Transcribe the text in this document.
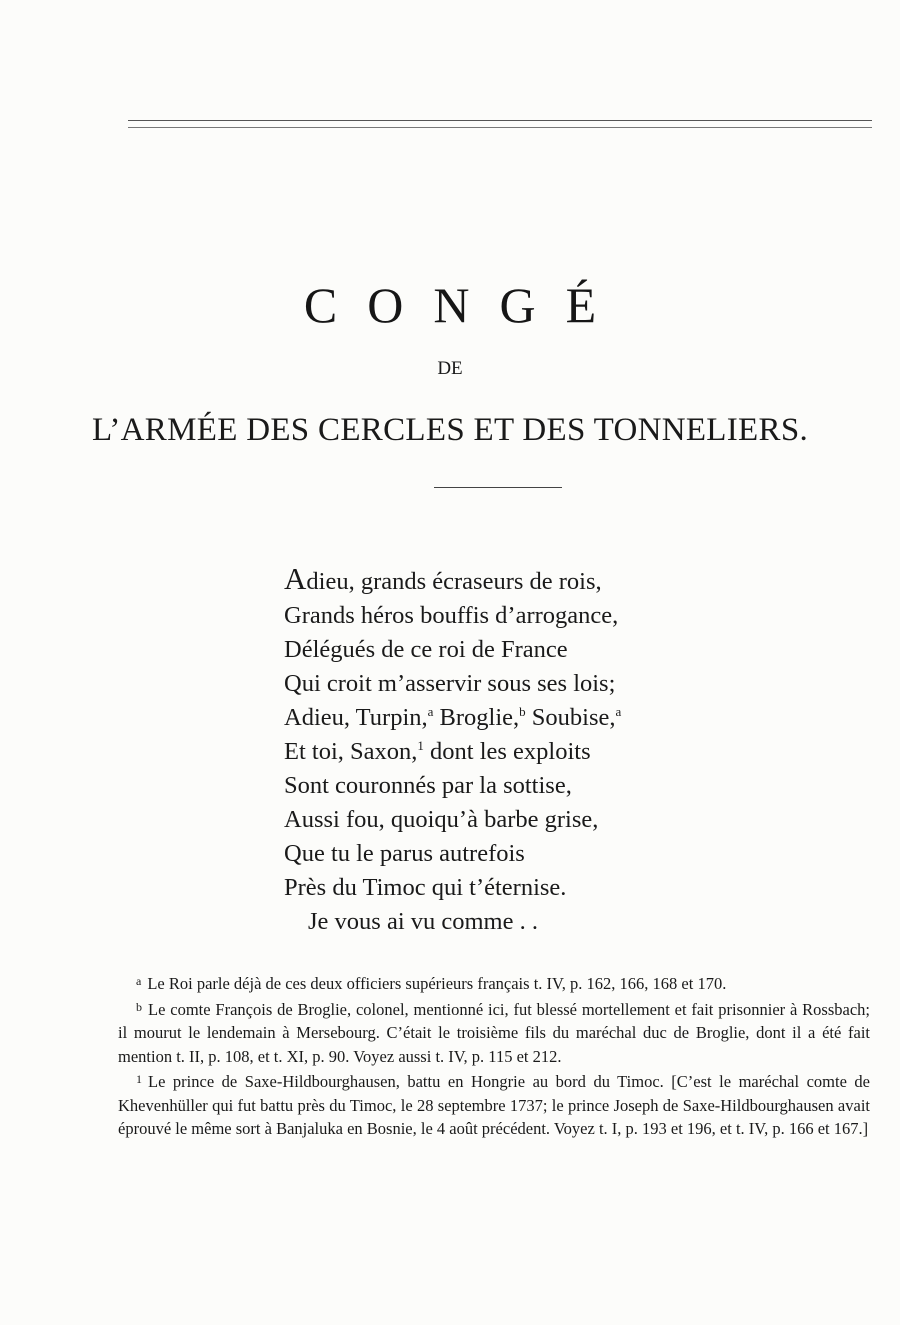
CONGÉ
DE
L’ARMÉE DES CERCLES ET DES TONNELIERS.
Adieu, grands écraseurs de rois,
Grands héros bouffis d’arrogance,
Délégués de ce roi de France
Qui croit m’asservir sous ses lois;
Adieu, Turpin,$^a$ Broglie,$^b$ Soubise,$^a$
Et toi, Saxon,$^1$ dont les exploits
Sont couronnés par la sottise,
Aussi fou, quoiqu’à barbe grise,
Que tu le parus autrefois
Près du Timoc qui t’éternise.
Je vous ai vu comme . .

$^a$ Le Roi parle déjà de ces deux officiers supérieurs français t. IV, p. 162, 166, 168 et 170.

$^b$ Le comte François de Broglie, colonel, mentionné ici, fut blessé mortellement et fait prisonnier à Rossbach; il mourut le lendemain à Mersebourg. C’était le troisième fils du maréchal duc de Broglie, dont il a été fait mention t. II, p. 108, et t. XI, p. 90. Voyez aussi t. IV, p. 115 et 212.

$^1$ Le prince de Saxe-Hildbourghausen, battu en Hongrie au bord du Timoc. [C’est le maréchal comte de Khevenhüller qui fut battu près du Timoc, le 28 septembre 1737; le prince Joseph de Saxe-Hildbourghausen avait éprouvé le même sort à Banjaluka en Bosnie, le 4 août précédent. Voyez t. I, p. 193 et 196, et t. IV, p. 166 et 167.]
